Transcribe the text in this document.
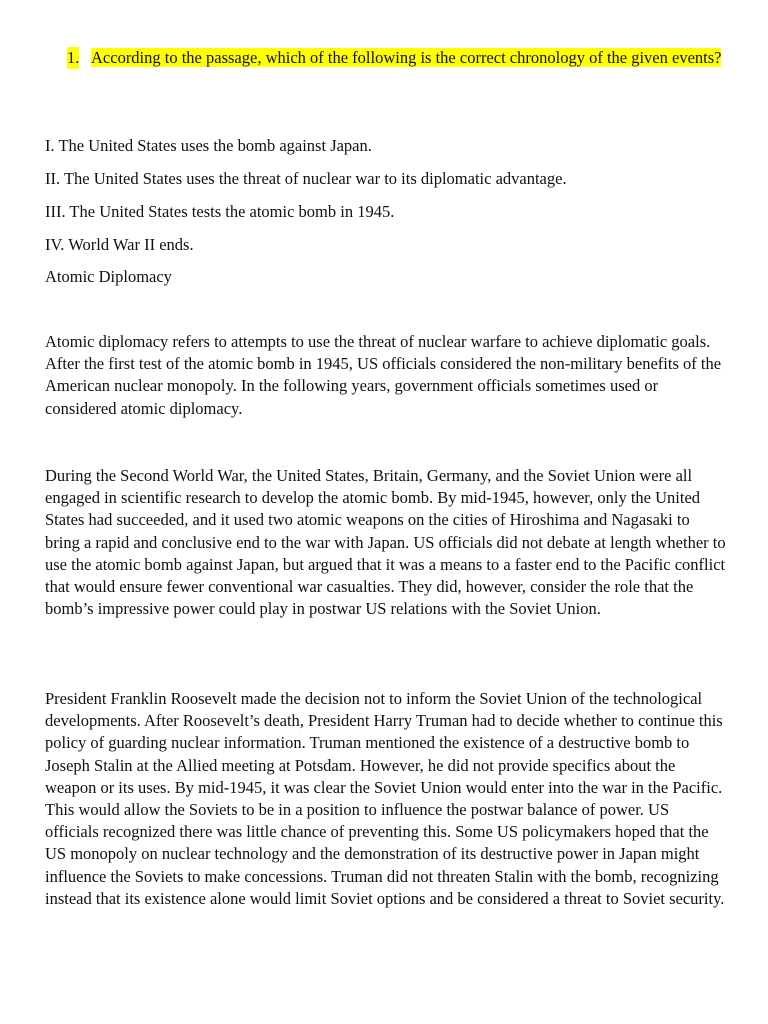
1. According to the passage, which of the following is the correct chronology of the given events?
I. The United States uses the bomb against Japan.
II. The United States uses the threat of nuclear war to its diplomatic advantage.
III. The United States tests the atomic bomb in 1945.
IV. World War II ends.
Atomic Diplomacy
Atomic diplomacy refers to attempts to use the threat of nuclear warfare to achieve diplomatic goals. After the first test of the atomic bomb in 1945, US officials considered the non-military benefits of the American nuclear monopoly. In the following years, government officials sometimes used or considered atomic diplomacy.
During the Second World War, the United States, Britain, Germany, and the Soviet Union were all engaged in scientific research to develop the atomic bomb. By mid-1945, however, only the United States had succeeded, and it used two atomic weapons on the cities of Hiroshima and Nagasaki to bring a rapid and conclusive end to the war with Japan. US officials did not debate at length whether to use the atomic bomb against Japan, but argued that it was a means to a faster end to the Pacific conflict that would ensure fewer conventional war casualties. They did, however, consider the role that the bomb’s impressive power could play in postwar US relations with the Soviet Union.
President Franklin Roosevelt made the decision not to inform the Soviet Union of the technological developments. After Roosevelt’s death, President Harry Truman had to decide whether to continue this policy of guarding nuclear information. Truman mentioned the existence of a destructive bomb to Joseph Stalin at the Allied meeting at Potsdam. However, he did not provide specifics about the weapon or its uses. By mid-1945, it was clear the Soviet Union would enter into the war in the Pacific. This would allow the Soviets to be in a position to influence the postwar balance of power. US officials recognized there was little chance of preventing this. Some US policymakers hoped that the US monopoly on nuclear technology and the demonstration of its destructive power in Japan might influence the Soviets to make concessions. Truman did not threaten Stalin with the bomb, recognizing instead that its existence alone would limit Soviet options and be considered a threat to Soviet security.
